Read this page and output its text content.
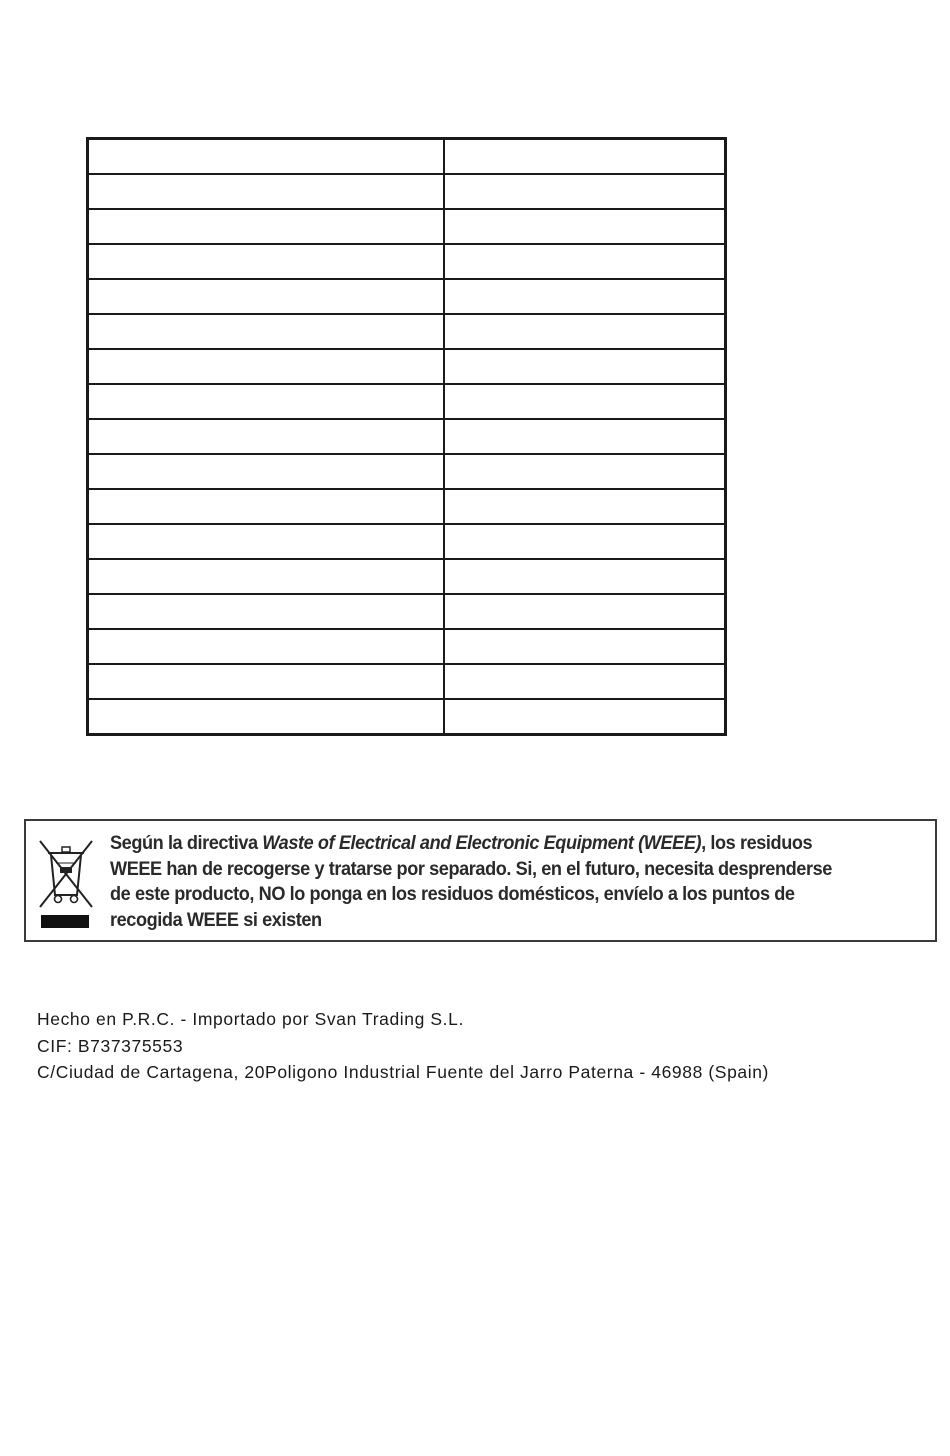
Según la directiva Waste of Electrical and Electronic Equipment (WEEE), los residuos
WEEE han de recogerse y tratarse por separado. Si, en el futuro, necesita desprenderse
de este producto, NO lo ponga en los residuos domésticos, envíelo a los puntos de
recogida WEEE si existen
Hecho en P.R.C. - Importado por Svan Trading S.L.
CIF: B737375553
C/Ciudad de Cartagena, 20Poligono Industrial Fuente del Jarro Paterna - 46988 (Spain)
